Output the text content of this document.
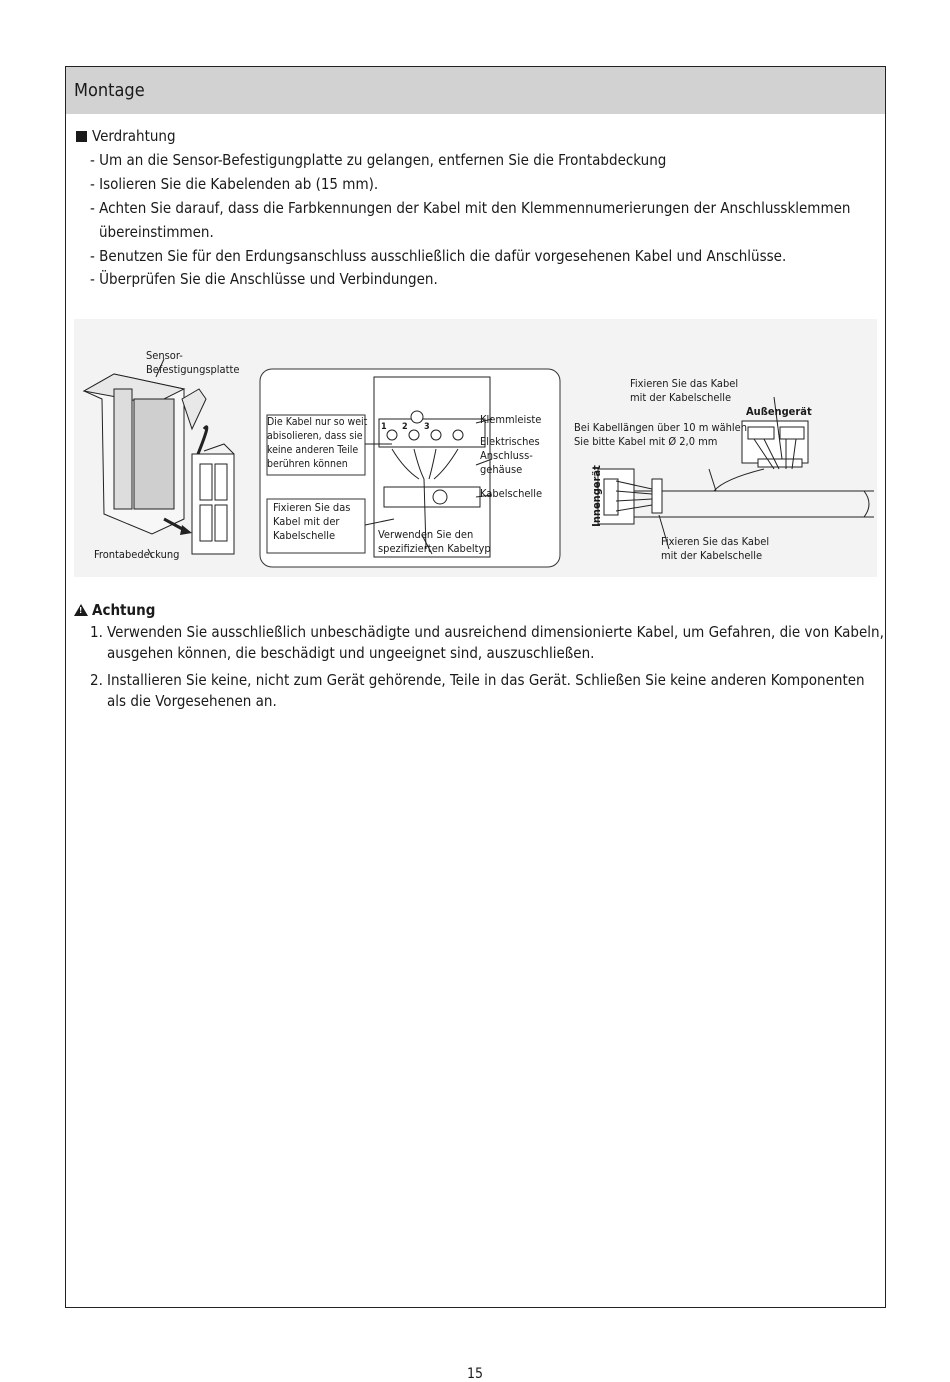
Montage
Verdrahtung
- Um an die Sensor-Befestigungplatte zu gelangen, entfernen Sie die Frontabdeckung
- Isolieren Sie die Kabelenden ab (15 mm).
- Achten Sie darauf, dass die Farbkennungen der Kabel mit den Klemmennumerierungen der Anschlussklemmen
übereinstimmen.
- Benutzen Sie für den Erdungsanschluss ausschließlich die dafür vorgesehenen Kabel und Anschlüsse.
- Überprüfen Sie die Anschlüsse und Verbindungen.
Sensor-
Befestigungsplatte
Frontabedeckung
Die Kabel nur so weit
abisolieren, dass sie
keine anderen Teile
berühren können
Fixieren Sie das
Kabel mit der
Kabelschelle	Verwenden Sie den
spezifizierten Kabeltyp
1 2 3
Klemmleiste
Elektrisches
Anschluss-
gehäuse
Kabelschelle
Fixieren Sie das Kabel
mit der Kabelschelle
Bei Kabellängen über 10 m wählen
Sie bitte Kabel mit Ø 2,0 mm
Außengerät
Innengerät
Fixieren Sie das Kabel
mit der Kabelschelle
!Achtung
1. Verwenden Sie ausschließlich unbeschädigte und ausreichend dimensionierte Kabel, um Gefahren, die von Kabeln,
ausgehen können, die beschädigt und ungeeignet sind, auszuschließen.
2. Installieren Sie keine, nicht zum Gerät gehörende, Teile in das Gerät. Schließen Sie keine anderen Komponenten
als die Vorgesehenen an.
15
